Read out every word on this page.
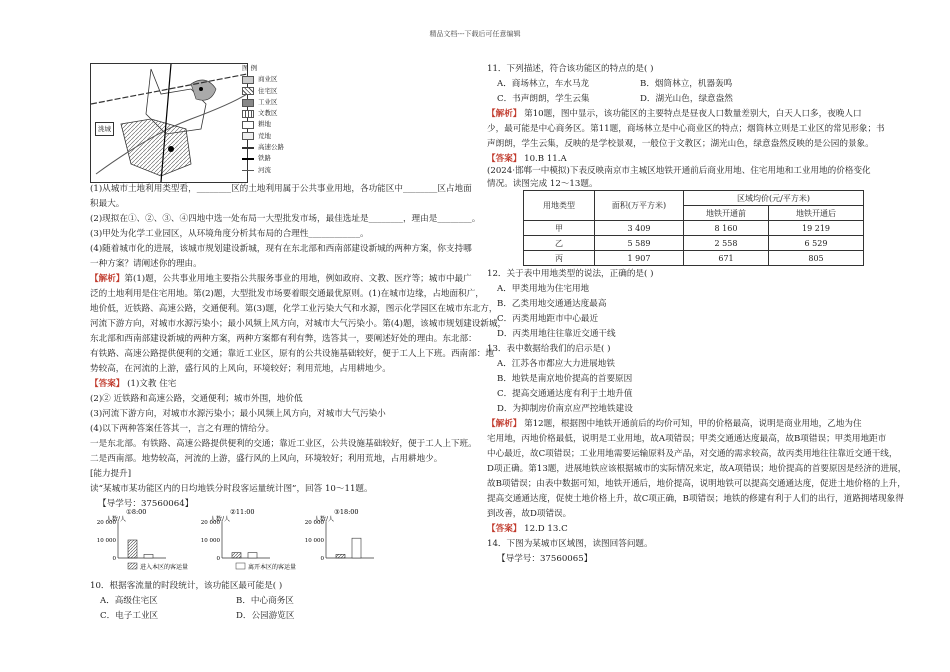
精品文档---下载后可任意编辑
洮城
图 例
商业区
住宅区
工业区
文教区
耕地
荒地
高速公路
铁路
河流
(1)从城市土地利用类型看，________区的土地利用属于公共事业用地，各功能区中________区占地面
积最大。
(2)现拟在①、②、③、④四地中选一处布局一大型批发市场，最佳选址是________，理由是________。
(3)甲处为化学工业园区，从环境角度分析其布局的合理性____________。
(4)随着城市化的进展，该城市规划建设新城，现有在东北部和西南部建设新城的两种方案，你支持哪
一种方案？请阐述你的理由。
【解析】第(1)题，公共事业用地主要指公共服务事业的用地，例如政府、文教、医疗等；城市中最广
泛的土地利用是住宅用地。第(2)题，大型批发市场要着眼交通最优原则。(1)在城市边缘，占地面积广，
地价低，近铁路、高速公路，交通便利。第(3)题，化学工业污染大气和水源，图示化学园区在城市东北方，
河流下游方向，对城市水源污染小；最小风频上风方向，对城市大气污染小。第(4)题，该城市规划建设新城，
东北部和西南部建设新城的两种方案，两种方案都有利有弊，选答其一，要阐述好处的理由。东北部：
有铁路、高速公路提供便利的交通；靠近工业区，原有的公共设施基础较好，便于工人上下班。西南部：地
势较高，在河流的上游，盛行风的上风向，环境较好；利用荒地，占用耕地少。
【答案】 (1)文教 住宅
(2)② 近铁路和高速公路，交通便利；城市外围，地价低
(3)河流下游方向，对城市水源污染小；最小风频上风方向，对城市大气污染小
(4)以下两种答案任答其一，言之有理的情给分。
一是东北部。有铁路、高速公路提供便利的交通；靠近工业区，公共设施基础较好，便于工人上下班。
二是西南部。地势较高，河流的上游，盛行风的上风向，环境较好；利用荒地，占用耕地少。
[能力提升]
读“某城市某功能区内的日均地铁分时段客运量统计图”，回答 10～11题。
【导学号：37560064】
①8:00
人数/人
20 000
10 000
0
②11:00
人数/人
20 000
10 000
0
③18:00
人数/人
20 000
10 000
0
进入本区的客运量	离开本区的客运量
10．根据客流量的时段统计，该功能区最可能是( )
A．高级住宅区	B．中心商务区
C．电子工业区	D．公园游览区
11．下列描述，符合该功能区的特点的是( )
A．商场林立，车水马龙	B．烟筒林立，机器轰鸣
C．书声朗朗，学生云集	D．湖光山色，绿意盎然
【解析】 第10题，图中显示，该功能区的主要特点是昼夜人口数量差别大，白天人口多，夜晚人口
少，最可能是中心商务区。第11题，商场林立是中心商业区的特点；烟筒林立则是工业区的常见形象；书
声朗朗，学生云集，反映的是学校景观，一般位于文教区；湖光山色，绿意盎然反映的是公园的景象。
【答案】 10.B 11.A
(2024·邯郸一中模拟)下表反映南京市主城区地铁开通前后商业用地、住宅用地和工业用地的价格变化
情况。读图完成 12～13题。
用地类型	面积(万平方米)	区域均价(元/平方米)	
		地铁开通前	地铁开通后
甲	3 409	8 160	19 219
乙	5 589	2 558	6 529
丙	1 907	671	805
12．关于表中用地类型的说法，正确的是( )
A．甲类用地为住宅用地
B．乙类用地交通通达度最高
C．丙类用地距市中心最近
D．丙类用地往往靠近交通干线
13．表中数据给我们的启示是( )
A．江苏各市都应大力进展地铁
B．地铁是南京地价提高的首要原因
C．提高交通通达度有利于土地升值
D．为抑制房价南京应严控地铁建设
【解析】 第12题，根据图中地铁开通前后的均价可知，甲的价格最高，说明是商业用地，乙地为住
宅用地，丙地价格最低，说明是工业用地，故A项错误；甲类交通通达度最高，故B项错误；甲类用地距市
中心最近，故C项错误；工业用地需要运输原料及产品，对交通的需求较高，故丙类用地往往靠近交通干线，
D项正确。第13题，进展地铁应该根据城市的实际情况来定，故A项错误；地价提高的首要原因是经济的进展，
故B项错误；由表中数据可知，地铁开通后，地价提高，说明地铁可以提高交通通达度，促进土地价格的上升，
提高交通通达度，促使土地价格上升，故C项正确，B项错误；地铁的修建有利于人们的出行，道路拥堵现象得
到改善，故D项错误。
【答案】 12.D 13.C
14．下图为某城市区域图，读图回答问题。
【导学号：37560065】
